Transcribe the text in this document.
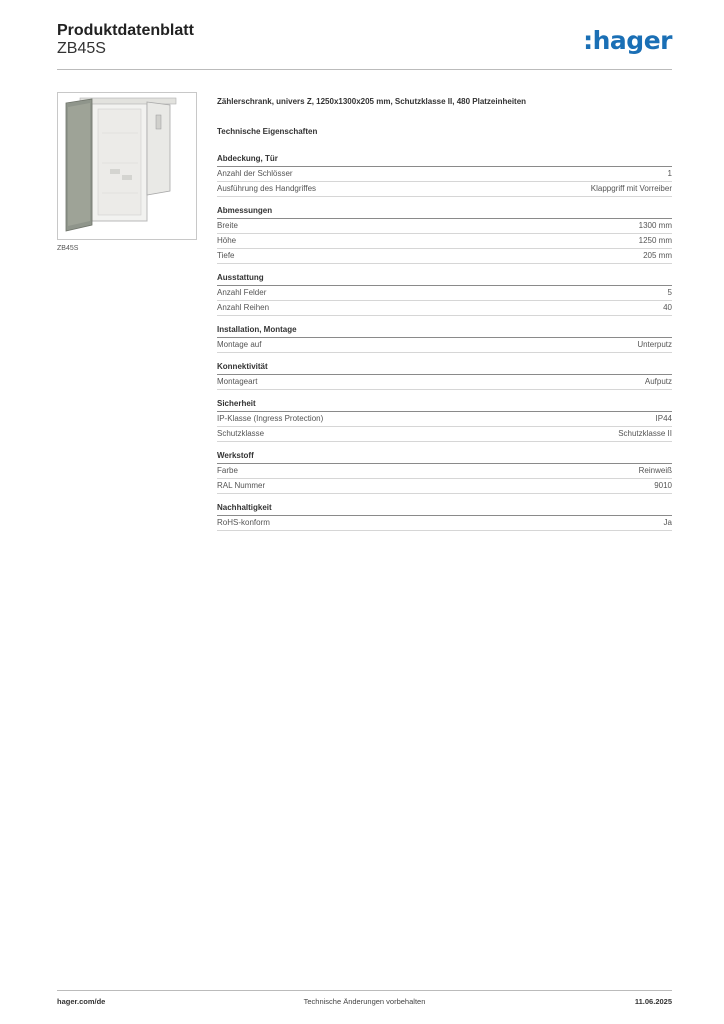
Produktdatenblatt
ZB45S	:hager
ZB45S
Zählerschrank, univers Z, 1250x1300x205 mm, Schutzklasse II, 480 Platzeinheiten
Technische Eigenschaften
Abdeckung, Tür
Anzahl der Schlösser	1
Ausführung des Handgriffes	Klappgriff mit Vorreiber
Abmessungen
Breite	1300 mm
Höhe	1250 mm
Tiefe	205 mm
Ausstattung
Anzahl Felder	5
Anzahl Reihen	40
Installation, Montage
Montage auf	Unterputz
Konnektivität
Montageart	Aufputz
Sicherheit
IP-Klasse (Ingress Protection)	IP44
Schutzklasse	Schutzklasse II
Werkstoff
Farbe	Reinweiß
RAL Nummer	9010
Nachhaltigkeit
RoHS-konform	Ja
Technische Änderungen vorbehalten
hager.com/de	11.06.2025
